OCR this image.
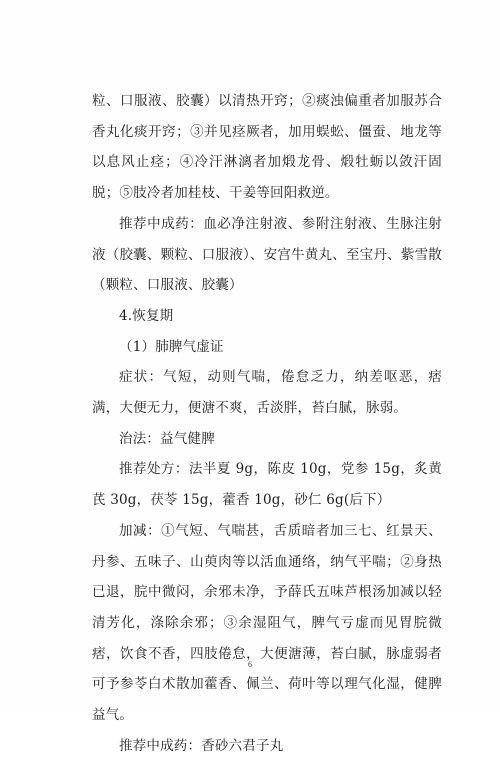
粒、口服液、胶囊）以清热开窍；②痰浊偏重者加服苏合香丸化痰开窍；③并见痉厥者，加用蜈蚣、僵蚕、地龙等以息风止痉；④冷汗淋漓者加煅龙骨、煅牡蛎以敛汗固脱；⑤肢冷者加桂枝、干姜等回阳救逆。

推荐中成药：血必净注射液、参附注射液、生脉注射液（胶囊、颗粒、口服液）、安宫牛黄丸、至宝丹、紫雪散（颗粒、口服液、胶囊）

4.恢复期

（1）肺脾气虚证

症状：气短，动则气喘，倦怠乏力，纳差呕恶，痞满，大便无力，便溏不爽，舌淡胖，苔白腻，脉弱。

治法：益气健脾

推荐处方：法半夏 9g，陈皮 10g，党参 15g，炙黄芪 30g，茯苓 15g，藿香 10g，砂仁 6g(后下）

加减：①气短、气喘甚，舌质暗者加三七、红景天、丹参、五味子、山萸肉等以活血通络，纳气平喘；②身热已退，脘中微闷，余邪未净，予薛氏五味芦根汤加减以轻清芳化，涤除余邪；③余湿阻气，脾气亏虚而见胃脘微痞，饮食不香，四肢倦怠，大便溏薄，苔白腻，脉虚弱者可予参苓白术散加藿香、佩兰、荷叶等以理气化湿，健脾益气。

推荐中成药：香砂六君子丸

6
